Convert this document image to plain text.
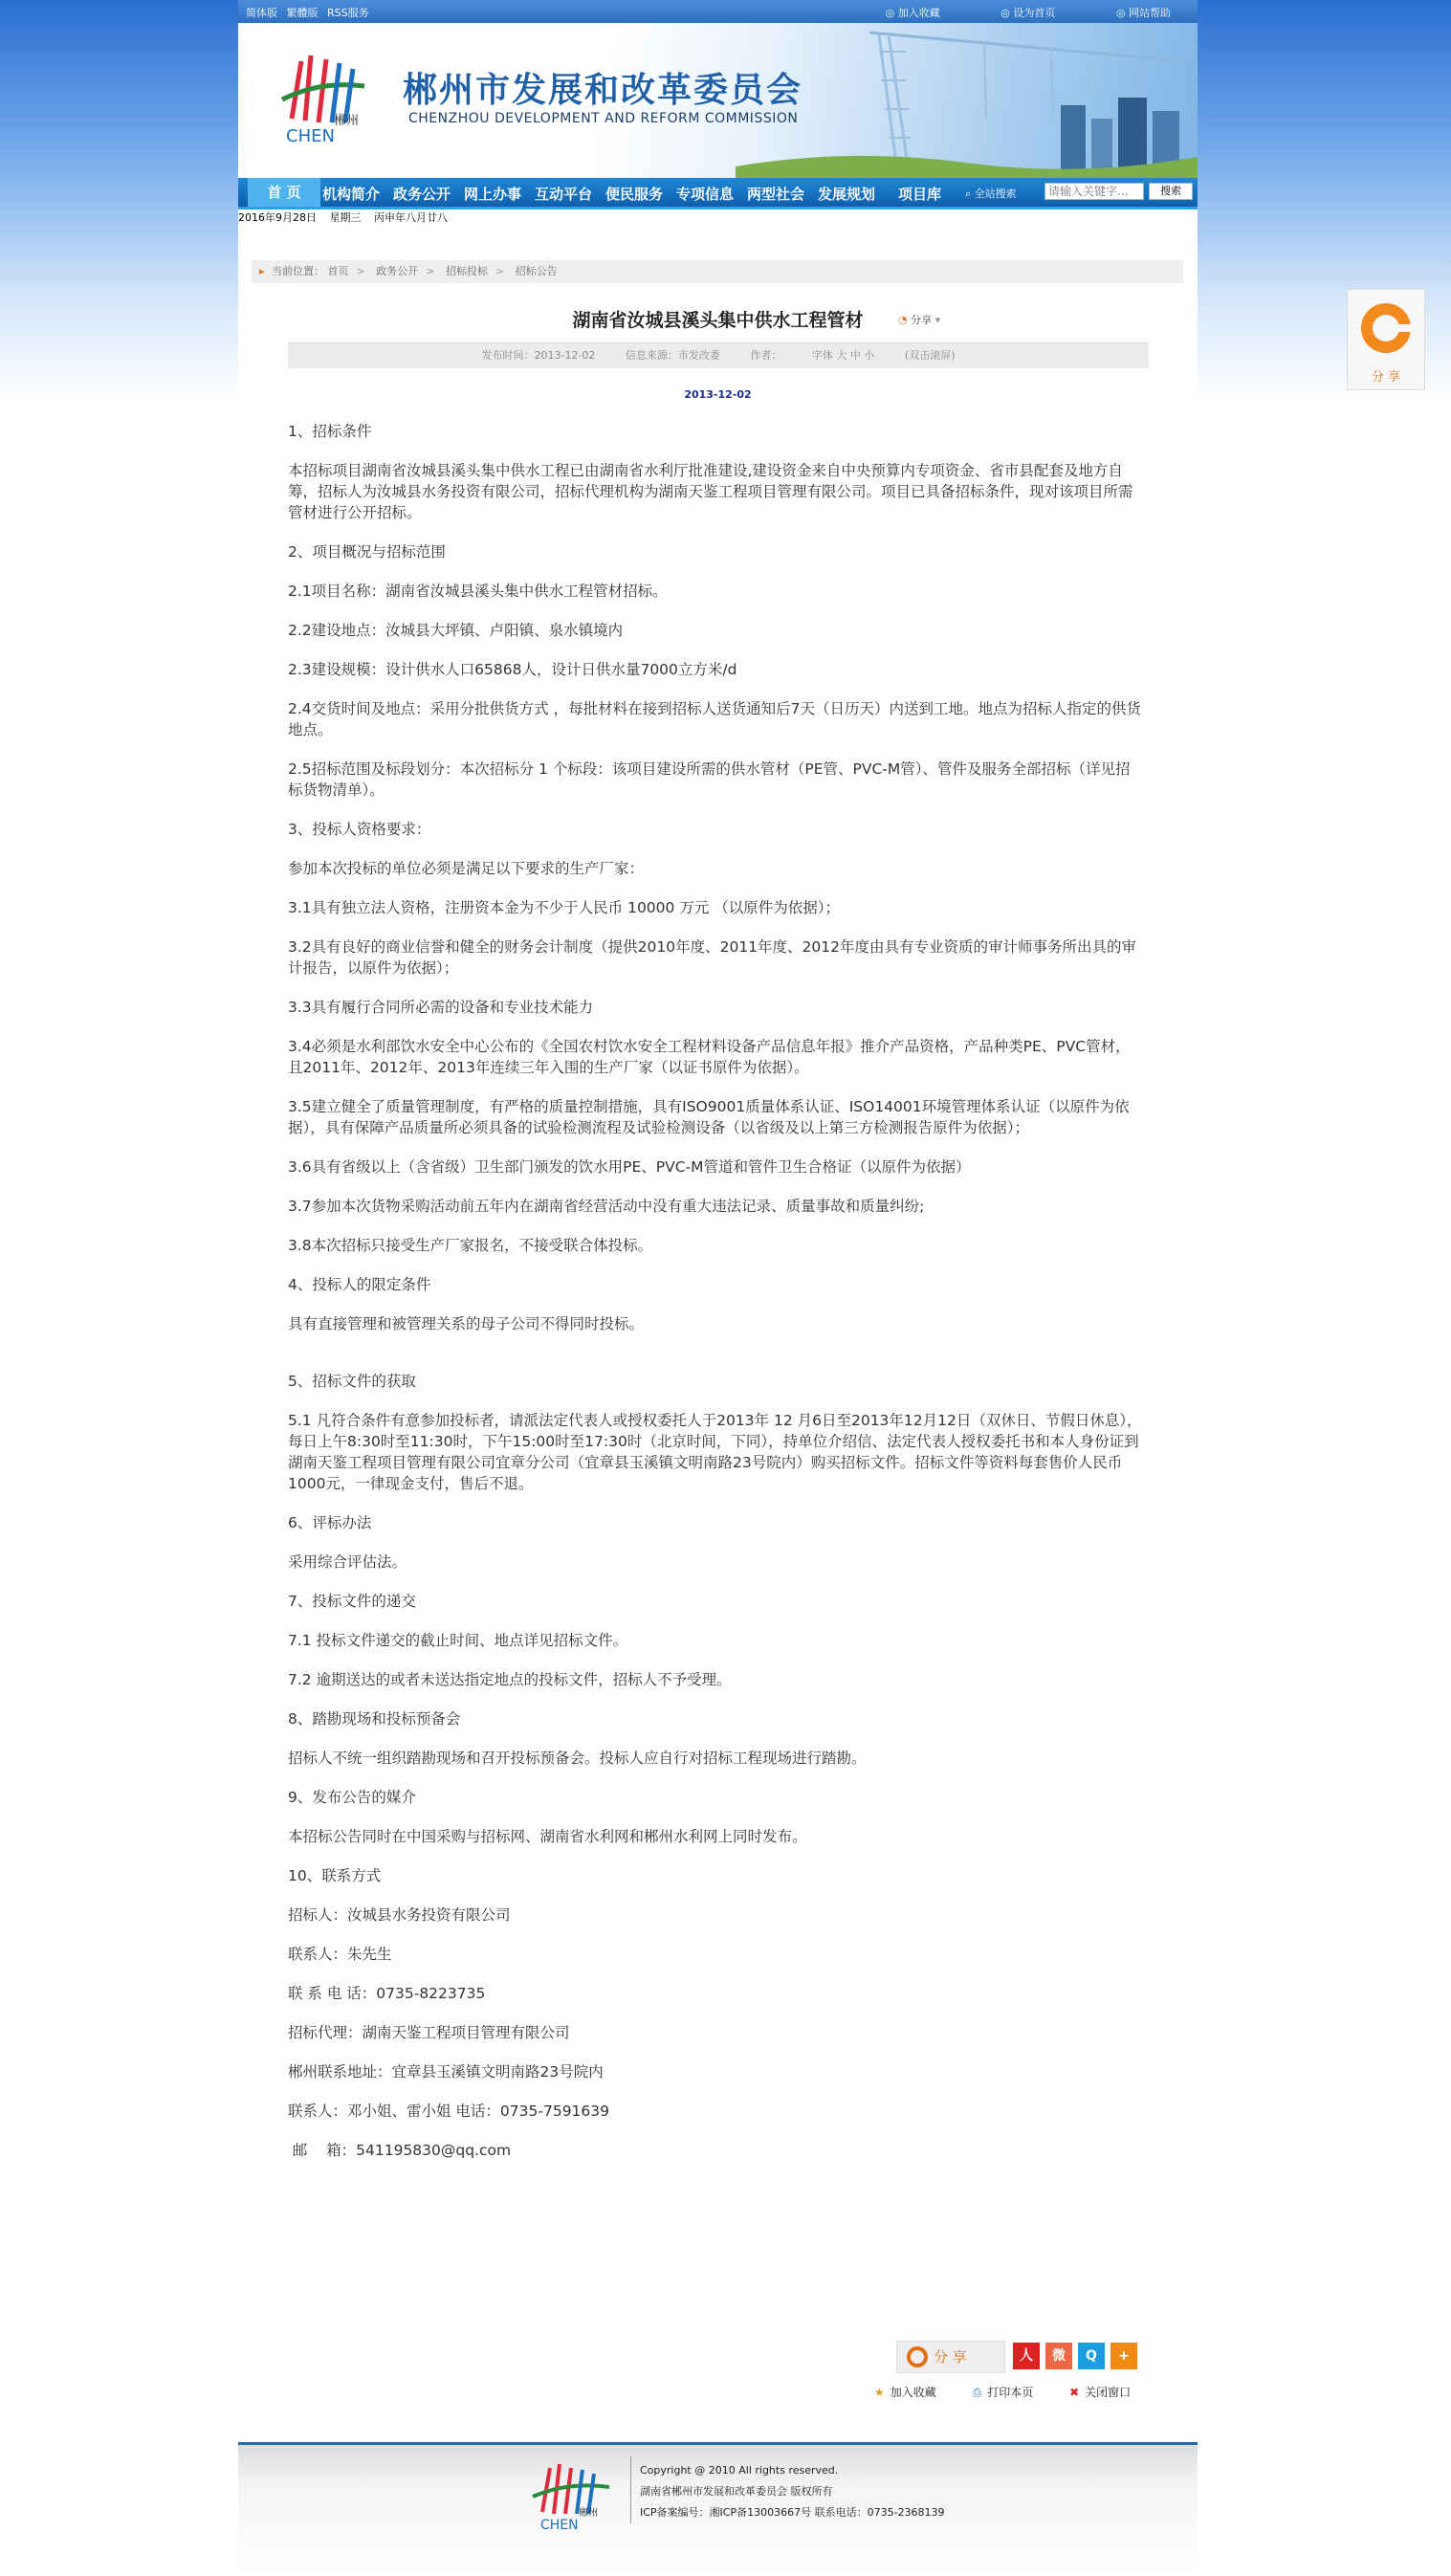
简体版 繁體版 RSS服务	◎ 加入收藏	◎ 设为首页	◎ 网站帮助
郴州
CHEN
郴州市发展和改革委员会
CHENZHOU DEVELOPMENT AND REFORM COMMISSION
首 页	机构简介 政务公开 网上办事 互动平台 便民服务 专项信息 两型社会 发展规划 项目库 ⌕ 全站搜索
请输入关键字...	搜索
2016年9月28日 星期三 丙申年八月廿八
▸ 当前位置： 首页 > 政务公开 > 招标投标 > 招标公告
湖南省汝城县溪头集中供水工程管材	◔ 分享 ▾
发布时间：2013-12-02	信息来源：市发改委	作者：	字体 大 中 小	(双击滚屏)
2013-12-02

1、招标条件

本招标项目湖南省汝城县溪头集中供水工程已由湖南省水利厅批准建设,建设资金来自中央预算内专项资金、省市县配套及地方自筹，招标人为汝城县水务投资有限公司，招标代理机构为湖南天鉴工程项目管理有限公司。项目已具备招标条件，现对该项目所需管材进行公开招标。

2、项目概况与招标范围

2.1项目名称：湖南省汝城县溪头集中供水工程管材招标。

2.2建设地点：汝城县大坪镇、卢阳镇、泉水镇境内

2.3建设规模：设计供水人口65868人，设计日供水量7000立方米/d

2.4交货时间及地点：采用分批供货方式 ，每批材料在接到招标人送货通知后7天（日历天）内送到工地。地点为招标人指定的供货地点。

2.5招标范围及标段划分：本次招标分 1 个标段：该项目建设所需的供水管材（PE管、PVC-M管）、管件及服务全部招标（详见招标货物清单）。

3、投标人资格要求：

参加本次投标的单位必须是满足以下要求的生产厂家：

3.1具有独立法人资格，注册资本金为不少于人民币 10000 万元 （以原件为依据）；

3.2具有良好的商业信誉和健全的财务会计制度（提供2010年度、2011年度、2012年度由具有专业资质的审计师事务所出具的审计报告，以原件为依据）；

3.3具有履行合同所必需的设备和专业技术能力

3.4必须是水利部饮水安全中心公布的《全国农村饮水安全工程材料设备产品信息年报》推介产品资格，产品种类PE、PVC管材，且2011年、2012年、2013年连续三年入围的生产厂家（以证书原件为依据）。

3.5建立健全了质量管理制度，有严格的质量控制措施，具有ISO9001质量体系认证、ISO14001环境管理体系认证（以原件为依据），具有保障产品质量所必须具备的试验检测流程及试验检测设备（以省级及以上第三方检测报告原件为依据）；

3.6具有省级以上（含省级）卫生部门颁发的饮水用PE、PVC-M管道和管件卫生合格证（以原件为依据）

3.7参加本次货物采购活动前五年内在湖南省经营活动中没有重大违法记录、质量事故和质量纠纷;

3.8本次招标只接受生产厂家报名，不接受联合体投标。

4、投标人的限定条件

具有直接管理和被管理关系的母子公司不得同时投标。

5、招标文件的获取

5.1 凡符合条件有意参加投标者，请派法定代表人或授权委托人于2013年 12 月6日至2013年12月12日（双休日、节假日休息），每日上午8:30时至11:30时，下午15:00时至17:30时（北京时间，下同），持单位介绍信、法定代表人授权委托书和本人身份证到湖南天鉴工程项目管理有限公司宜章分公司（宜章县玉溪镇文明南路23号院内）购买招标文件。招标文件等资料每套售价人民币1000元，一律现金支付，售后不退。

6、评标办法

采用综合评估法。

7、投标文件的递交

7.1 投标文件递交的截止时间、地点详见招标文件。

7.2 逾期送达的或者未送达指定地点的投标文件，招标人不予受理。

8、踏勘现场和投标预备会

招标人不统一组织踏勘现场和召开投标预备会。投标人应自行对招标工程现场进行踏勘。

9、发布公告的媒介

本招标公告同时在中国采购与招标网、湖南省水利网和郴州水利网上同时发布。

10、联系方式

招标人：汝城县水务投资有限公司

联系人：朱先生

联 系 电 话：0735-8223735

招标代理：湖南天鉴工程项目管理有限公司

郴州联系地址：宜章县玉溪镇文明南路23号院内

联系人：邓小姐、雷小姐 电话：0735-7591639

邮    箱：541195830@qq.com

分 享	人	微	Q	+
★ 加入收藏	⎙ 打印本页	✖ 关闭窗口
郴州
CHEN
Copyright @ 2010 All rights reserved.
湖南省郴州市发展和改革委员会 版权所有
ICP备案编号：湘ICP备13003667号 联系电话：0735-2368139
分 享
